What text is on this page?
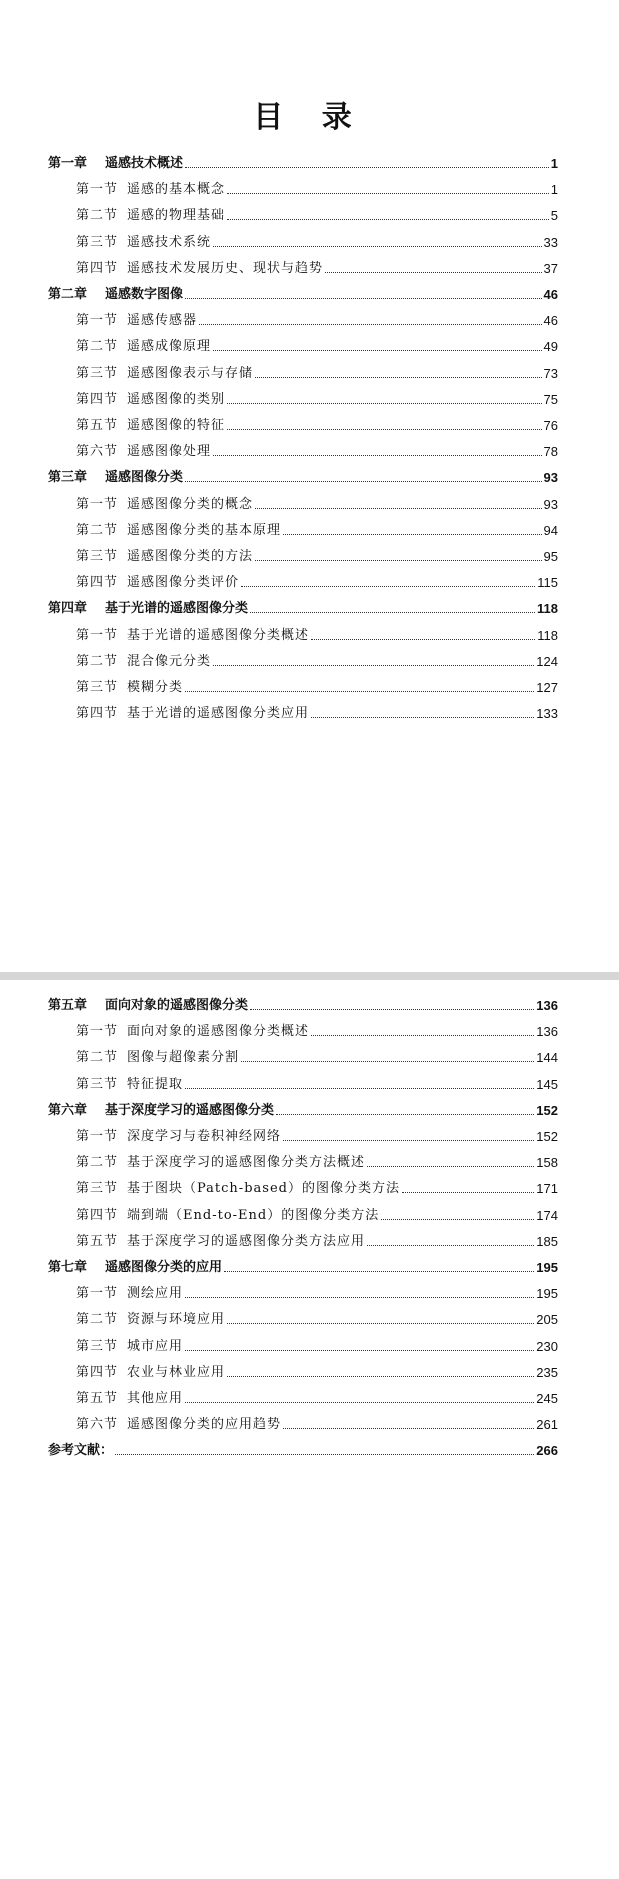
目 录
第一章 遥感技术概述	1
第一节 遥感的基本概念	1
第二节 遥感的物理基础	5
第三节 遥感技术系统	33
第四节 遥感技术发展历史、现状与趋势	37
第二章 遥感数字图像	46
第一节 遥感传感器	46
第二节 遥感成像原理	49
第三节 遥感图像表示与存储	73
第四节 遥感图像的类别	75
第五节 遥感图像的特征	76
第六节 遥感图像处理	78
第三章 遥感图像分类	93
第一节 遥感图像分类的概念	93
第二节 遥感图像分类的基本原理	94
第三节 遥感图像分类的方法	95
第四节 遥感图像分类评价	115
第四章 基于光谱的遥感图像分类	118
第一节 基于光谱的遥感图像分类概述	118
第二节 混合像元分类	124
第三节 模糊分类	127
第四节 基于光谱的遥感图像分类应用	133
第五章 面向对象的遥感图像分类	136
第一节 面向对象的遥感图像分类概述	136
第二节 图像与超像素分割	144
第三节 特征提取	145
第六章 基于深度学习的遥感图像分类	152
第一节 深度学习与卷积神经网络	152
第二节 基于深度学习的遥感图像分类方法概述	158
第三节 基于图块（Patch-based）的图像分类方法	171
第四节 端到端（End-to-End）的图像分类方法	174
第五节 基于深度学习的遥感图像分类方法应用	185
第七章 遥感图像分类的应用	195
第一节 测绘应用	195
第二节 资源与环境应用	205
第三节 城市应用	230
第四节 农业与林业应用	235
第五节 其他应用	245
第六节 遥感图像分类的应用趋势	261
参考文献：	266
